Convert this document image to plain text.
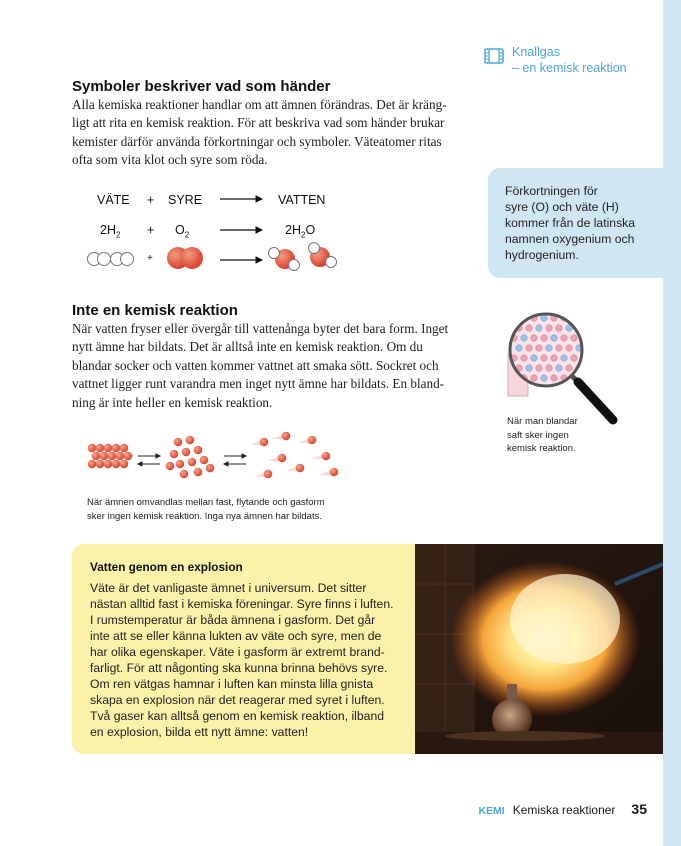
Knallgas
– en kemisk reaktion
Förkortningen för
syre (O) och väte (H)
kommer från de latinska
namnen oxygenium och
hydrogenium.
Symboler beskriver vad som händer
Alla kemiska reaktioner handlar om att ämnen förändras. Det är kräng-
ligt att rita en kemisk reaktion. För att beskriva vad som händer brukar
kemister därför använda förkortningar och symboler. Väteatomer ritas
ofta som vita klot och syre som röda.
VÄTE + SYRE	VATTEN
$2H_2 + O_2$	$2H_2O$
+
Inte en kemisk reaktion
När vatten fryser eller övergår till vattenånga byter det bara form. Inget
nytt ämne har bildats. Det är alltså inte en kemisk reaktion. Om du
blandar socker och vatten kommer vattnet att smaka sött. Sockret och
vattnet ligger runt varandra men inget nytt ämne har bildats. En bland-
ning är inte heller en kemisk reaktion.
När man blandar
saft sker ingen
kemisk reaktion.
När ämnen omvandlas mellan fast, flytande och gasform
sker ingen kemisk reaktion. Inga nya ämnen har bildats.
Vatten genom en explosion
Väte är det vanligaste ämnet i universum. Det sitter
nästan alltid fast i kemiska föreningar. Syre finns i luften.
I rumstemperatur är båda ämnena i gasform. Det går
inte att se eller känna lukten av väte och syre, men de
har olika egenskaper. Väte i gasform är extremt brand-
farligt. För att någonting ska kunna brinna behövs syre.
Om ren vätgas hamnar i luften kan minsta lilla gnista
skapa en explosion när det reagerar med syret i luften.
Två gaser kan alltså genom en kemisk reaktion, ilband
en explosion, bilda ett nytt ämne: vatten!
KEMI Kemiska reaktioner 35
